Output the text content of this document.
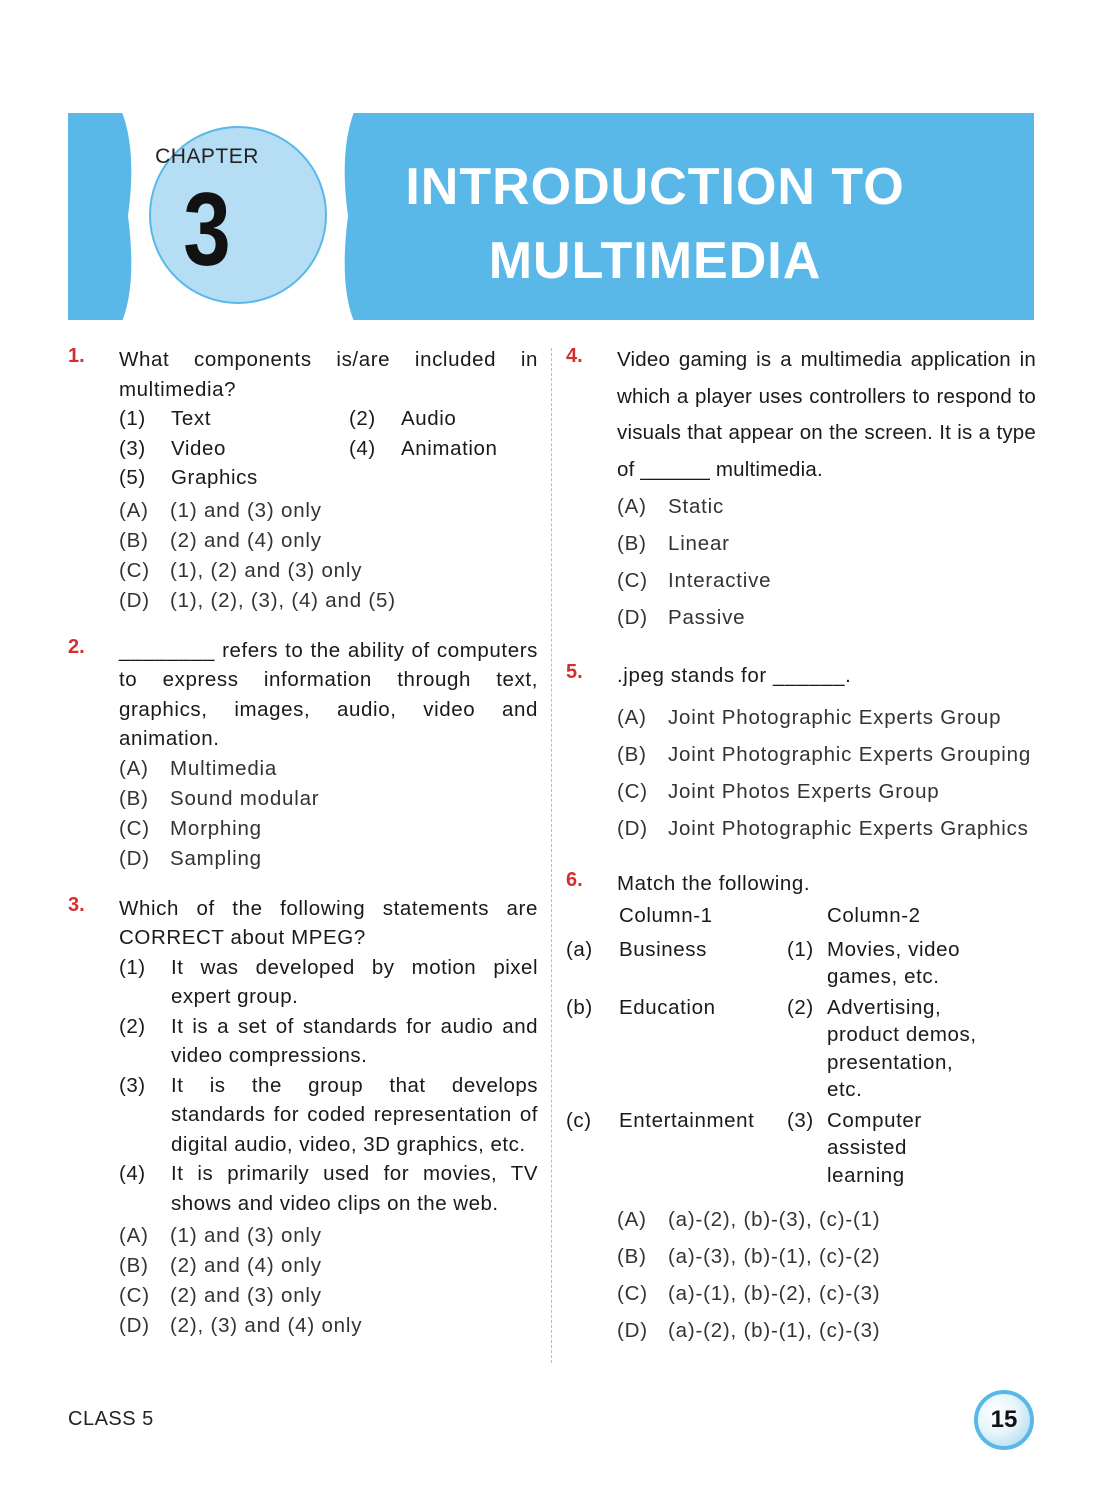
CHAPTER
3	INTRODUCTION TO
MULTIMEDIA
1. What components is/are included in multimedia?
(1)	Text	(2)	Audio
(3)	Video	(4)	Animation
(5)	Graphics
(A)	(1) and (3) only
(B)	(2) and (4) only
(C) (1), (2) and (3) only
(D) (1), (2), (3), (4) and (5)
2. ________ refers to the ability of computers to express information through text, graphics, images, audio, video and animation.
(A)	Multimedia
(B)	Sound modular
(C) Morphing
(D) Sampling
3. Which of the following statements are CORRECT about MPEG?
(1)	It was developed by motion pixel expert group.
(2)	It is a set of standards for audio and video compressions.
(3)	It is the group that develops standards for coded representation of digital audio, video, 3D graphics, etc.
(4)	It is primarily used for movies, TV shows and video clips on the web.
(A)	(1) and (3) only
(B)	(2) and (4) only
(C) (2) and (3) only
(D) (2), (3) and (4) only
4. Video gaming is a multimedia application in which a player uses controllers to respond to visuals that appear on the screen. It is a type of ______ multimedia.
(A)	Static
(B)	Linear
(C) Interactive
(D) Passive
5. .jpeg stands for ______.
(A)	Joint Photographic Experts Group
(B)	Joint Photographic Experts Grouping
(C) Joint Photos Experts Group
(D) Joint Photographic Experts Graphics
6. Match the following.
Column-1	Column-2
(a)	Business	(1) Movies, video games, etc.
(b)	Education	(2) Advertising, product demos, presentation, etc.
(c)	Entertainment	(3) Computer assisted learning
(A)	(a)-(2), (b)-(3), (c)-(1)
(B)	(a)-(3), (b)-(1), (c)-(2)
(C) (a)-(1), (b)-(2), (c)-(3)
(D) (a)-(2), (b)-(1), (c)-(3)
CLASS 5	15
